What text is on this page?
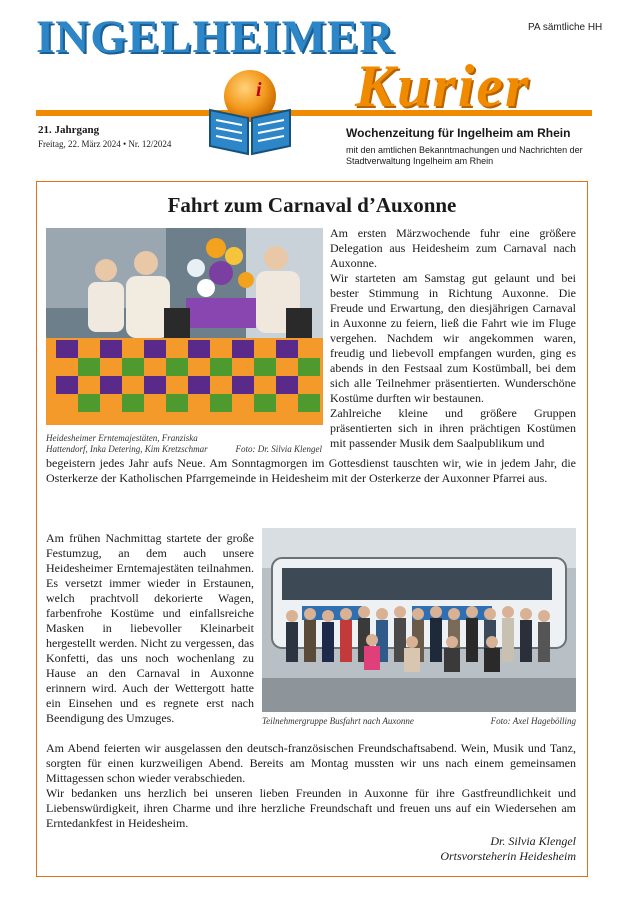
PA sämtliche HH
INGELHEIMER
Kurier
i
21. Jahrgang
Freitag, 22. März 2024 • Nr. 12/2024
Wochenzeitung für Ingelheim am Rhein
mit den amtlichen Bekanntmachungen und Nachrichten der Stadtverwaltung Ingelheim am Rhein
Fahrt zum Carnaval d’Auxonne
Heidesheimer Erntemajestäten, Franziska Hattendorf, Inka Detering, Kim Kretzschmar	Foto: Dr. Silvia Klengel

Am ersten Märzwochende fuhr eine größere Delegation aus Heidesheim zum Carnaval nach Auxonne.

Wir starteten am Samstag gut gelaunt und bei bester Stimmung in Richtung Auxonne. Die Freude und Erwartung, den diesjährigen Carnaval in Auxonne zu feiern, ließ die Fahrt wie im Fluge vergehen. Nachdem wir angekommen waren, freudig und liebevoll empfangen wurden, ging es abends in den Festsaal zum Kostümball, bei dem sich alle Teilnehmer präsentierten. Wunderschöne Kostüme durften wir bestaunen.

Zahlreiche kleine und größere Gruppen präsentierten sich in ihren prächtigen Kostümen mit passender Musik dem Saalpublikum und

begeistern jedes Jahr aufs Neue. Am Sonntagmorgen im Gottesdienst tauschten wir, wie in jedem Jahr, die Osterkerze der Katholischen Pfarrgemeinde in Heidesheim mit der Osterkerze der Auxonner Pfarrei aus.
Teilnehmergruppe Busfahrt nach Auxonne	Foto: Axel Hagebölling
Am frühen Nachmittag startete der große Festumzug, an dem auch unsere Heidesheimer Erntemajestäten teilnahmen. Es versetzt immer wieder in Erstaunen, welch prachtvoll dekorierte Wagen, farbenfrohe Kostüme und einfallsreiche Masken in liebevoller Kleinarbeit hergestellt werden. Nicht zu vergessen, das Konfetti, das uns noch wochenlang zu Hause an den Carnaval in Auxonne erinnern wird. Auch der Wettergott hatte ein Einsehen und es regnete erst nach Beendigung des Umzuges.

Am Abend feierten wir ausgelassen den deutsch-französischen Freundschaftsabend. Wein, Musik und Tanz, sorgten für einen kurzweiligen Abend. Bereits am Montag mussten wir uns nach einem gemeinsamen Mittagessen schon wieder verabschieden.

Wir bedanken uns herzlich bei unseren lieben Freunden in Auxonne für ihre Gastfreundlichkeit und Liebenswürdigkeit, ihren Charme und ihre herzliche Freundschaft und freuen uns auf ein Wiedersehen am Erntedankfest in Heidesheim.

Dr. Silvia Klengel
Ortsvorsteherin Heidesheim
